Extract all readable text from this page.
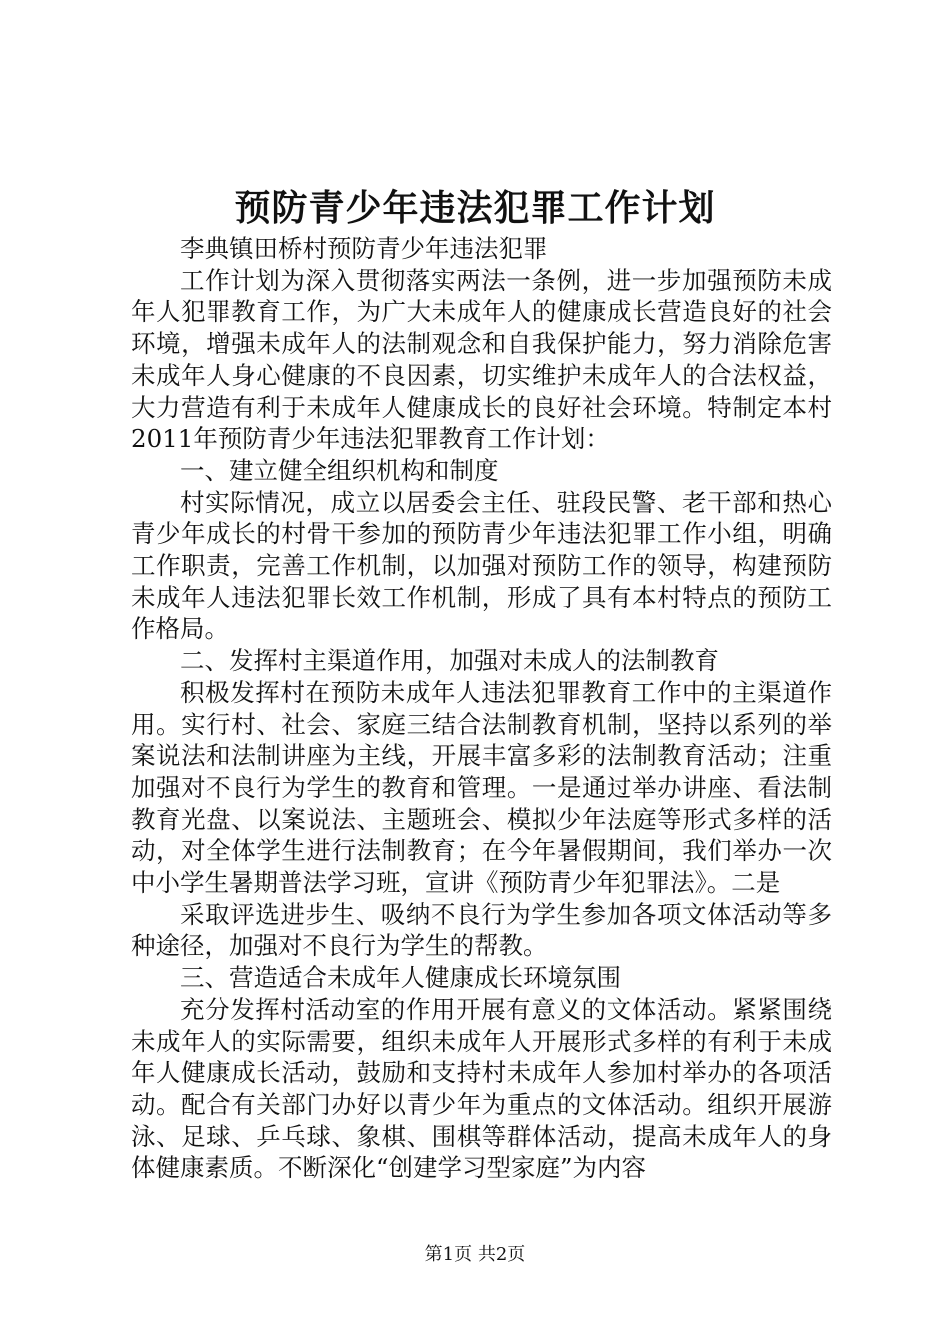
预防青少年违法犯罪工作计划

李典镇田桥村预防青少年违法犯罪

工作计划为深入贯彻落实两法一条例，进一步加强预防未成年人犯罪教育工作，为广大未成年人的健康成长营造良好的社会环境，增强未成年人的法制观念和自我保护能力，努力消除危害未成年人身心健康的不良因素，切实维护未成年人的合法权益，大力营造有利于未成年人健康成长的良好社会环境。特制定本村2011年预防青少年违法犯罪教育工作计划：

一、建立健全组织机构和制度

村实际情况，成立以居委会主任、驻段民警、老干部和热心青少年成长的村骨干参加的预防青少年违法犯罪工作小组，明确工作职责，完善工作机制，以加强对预防工作的领导，构建预防未成年人违法犯罪长效工作机制，形成了具有本村特点的预防工作格局。

二、发挥村主渠道作用，加强对未成人的法制教育

积极发挥村在预防未成年人违法犯罪教育工作中的主渠道作用。实行村、社会、家庭三结合法制教育机制，坚持以系列的举案说法和法制讲座为主线，开展丰富多彩的法制教育活动；注重加强对不良行为学生的教育和管理。一是通过举办讲座、看法制教育光盘、以案说法、主题班会、模拟少年法庭等形式多样的活动，对全体学生进行法制教育；在今年暑假期间，我们举办一次中小学生暑期普法学习班，宣讲《预防青少年犯罪法》。二是

采取评选进步生、吸纳不良行为学生参加各项文体活动等多种途径，加强对不良行为学生的帮教。

三、营造适合未成年人健康成长环境氛围

充分发挥村活动室的作用开展有意义的文体活动。紧紧围绕未成年人的实际需要，组织未成年人开展形式多样的有利于未成年人健康成长活动，鼓励和支持村未成年人参加村举办的各项活动。配合有关部门办好以青少年为重点的文体活动。组织开展游泳、足球、乒乓球、象棋、围棋等群体活动，提高未成年人的身体健康素质。不断深化“创建学习型家庭”为内容

第1页 共2页
